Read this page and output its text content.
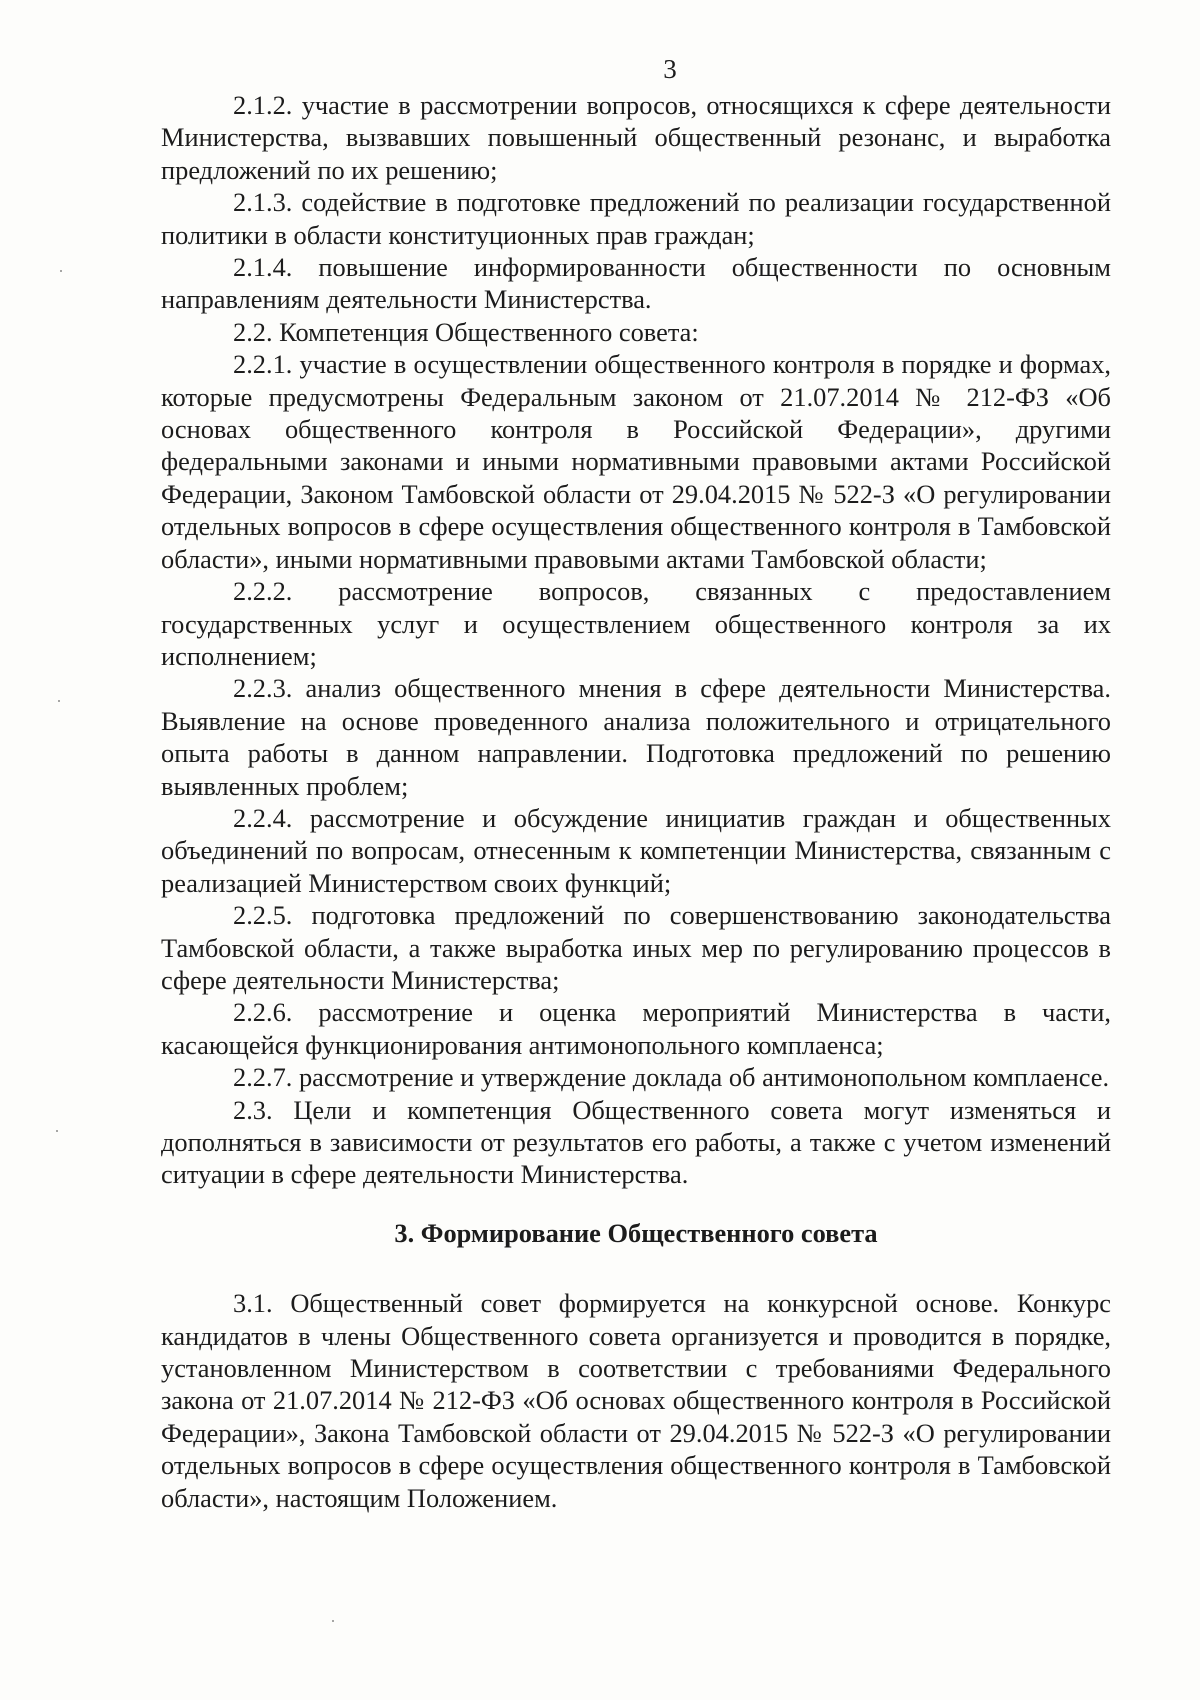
3

2.1.2. участие в рассмотрении вопросов, относящихся к сфере деятельности Министерства, вызвавших повышенный общественный резонанс, и выработка предложений по их решению;

2.1.3. содействие в подготовке предложений по реализации государственной политики в области конституционных прав граждан;

2.1.4. повышение информированности общественности по основным направлениям деятельности Министерства.

2.2. Компетенция Общественного совета:

2.2.1. участие в осуществлении общественного контроля в порядке и формах, которые предусмотрены Федеральным законом от 21.07.2014 № 212-ФЗ «Об основах общественного контроля в Российской Федерации», другими федеральными законами и иными нормативными правовыми актами Российской Федерации, Законом Тамбовской области от 29.04.2015 № 522-З «О регулировании отдельных вопросов в сфере осуществления общественного контроля в Тамбовской области», иными нормативными правовыми актами Тамбовской области;

2.2.2. рассмотрение вопросов, связанных с предоставлением государственных услуг и осуществлением общественного контроля за их исполнением;

2.2.3. анализ общественного мнения в сфере деятельности Министерства. Выявление на основе проведенного анализа положительного и отрицательного опыта работы в данном направлении. Подготовка предложений по решению выявленных проблем;

2.2.4. рассмотрение и обсуждение инициатив граждан и общественных объединений по вопросам, отнесенным к компетенции Министерства, связанным с реализацией Министерством своих функций;

2.2.5. подготовка предложений по совершенствованию законодательства Тамбовской области, а также выработка иных мер по регулированию процессов в сфере деятельности Министерства;

2.2.6. рассмотрение и оценка мероприятий Министерства в части, касающейся функционирования антимонопольного комплаенса;

2.2.7. рассмотрение и утверждение доклада об антимонопольном комплаенсе.

2.3. Цели и компетенция Общественного совета могут изменяться и дополняться в зависимости от результатов его работы, а также с учетом изменений ситуации в сфере деятельности Министерства.

3. Формирование Общественного совета

3.1. Общественный совет формируется на конкурсной основе. Конкурс кандидатов в члены Общественного совета организуется и проводится в порядке, установленном Министерством в соответствии с требованиями Федерального закона от 21.07.2014 № 212-ФЗ «Об основах общественного контроля в Российской Федерации», Закона Тамбовской области от 29.04.2015 № 522-З «О регулировании отдельных вопросов в сфере осуществления общественного контроля в Тамбовской области», настоящим Положением.
